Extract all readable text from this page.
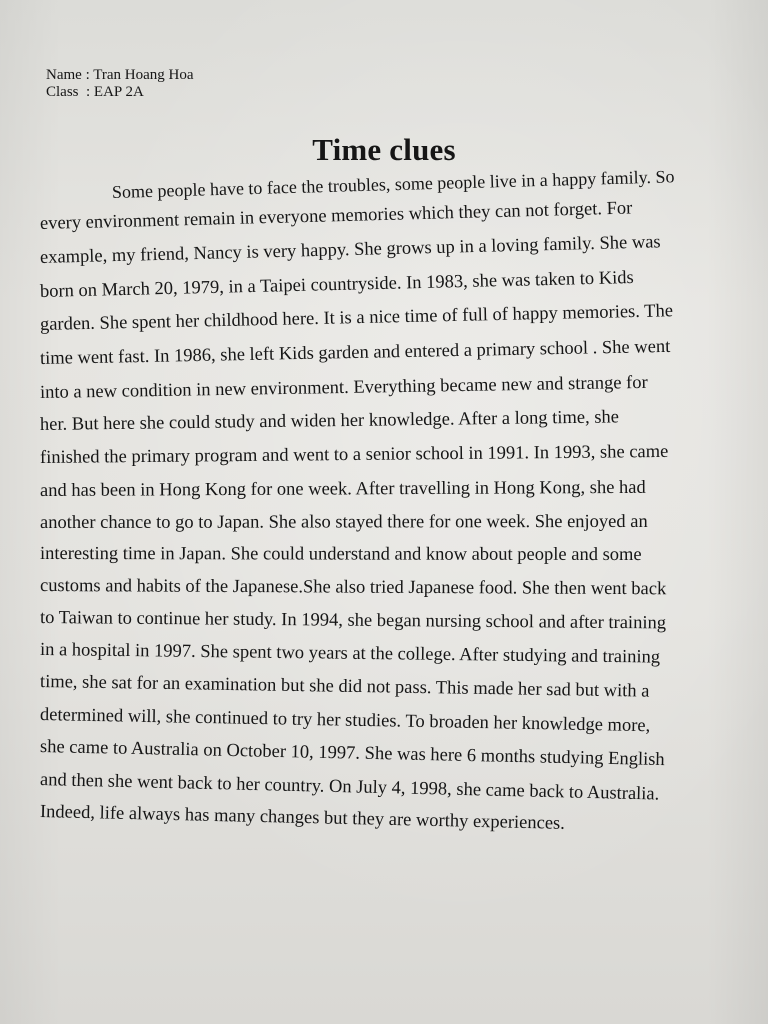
Name : Tran Hoang Hoa
Class  : EAP 2A
Time clues
Some people have to face the troubles, some people live in a happy family. So
every environment remain in everyone memories which they can not forget. For
example, my friend, Nancy is very happy. She grows up in a loving family. She was
born on March 20, 1979, in a Taipei countryside. In 1983, she was taken to Kids
garden. She spent her childhood here. It is a nice time of full of happy memories. The
time went fast. In 1986, she left Kids garden and entered a primary school . She went
into a new condition in new environment. Everything became new and strange for
her. But here she could study and widen her knowledge. After a long time, she
finished the primary program and went to a senior school in 1991. In 1993, she came
and has been in Hong Kong for one week. After travelling in Hong Kong, she had
another chance to go to Japan. She also stayed there for one week. She enjoyed an
interesting time in Japan. She could understand and know about people and some
customs and habits of the Japanese.She also tried Japanese food. She then went back
to Taiwan to continue her study. In 1994, she began nursing school and after training
in a hospital in 1997. She spent two years at the college. After studying and training
time, she sat for an examination but she did not pass. This made her sad but with a
determined will, she continued to try her studies. To broaden her knowledge more,
she came to Australia on October 10, 1997. She was here 6 months studying English
and then she went back to her country. On July 4, 1998, she came back to Australia.
Indeed, life always has many changes but they are worthy experiences.
